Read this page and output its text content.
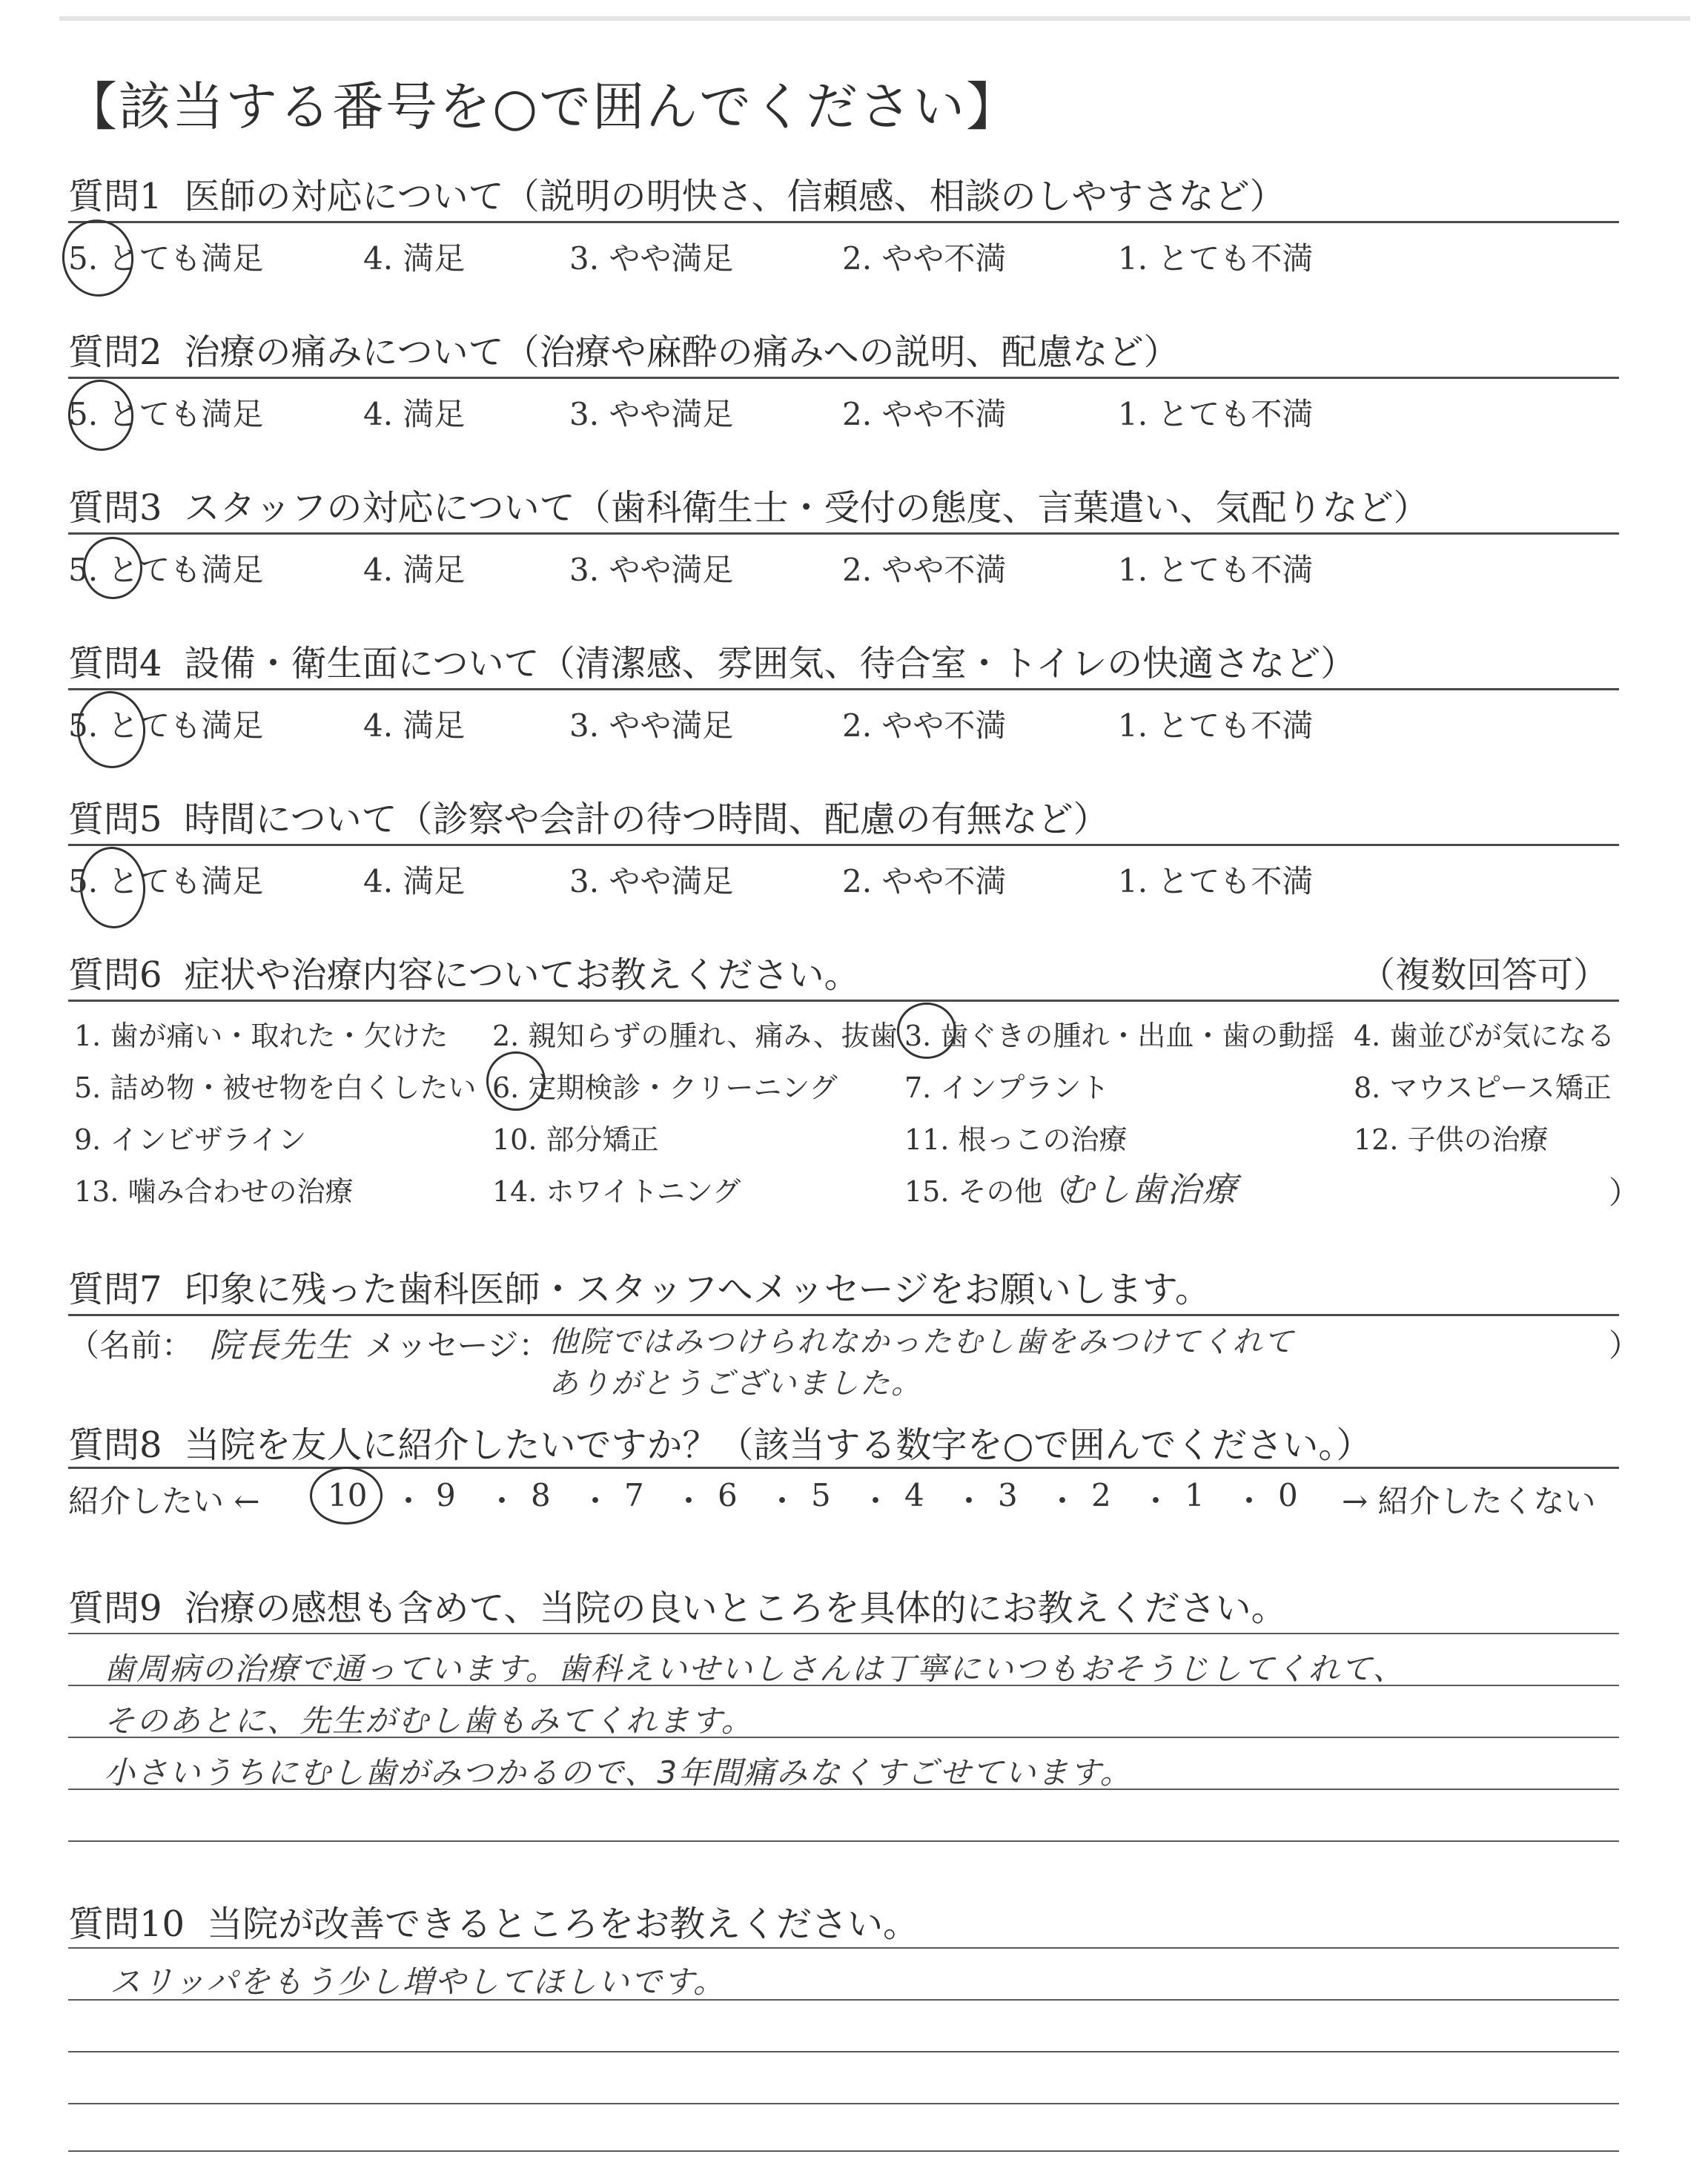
【該当する番号を○で囲んでください】
質問1 医師の対応について（説明の明快さ、信頼感、相談のしやすさなど）
5. とても満足	4. 満足	3. やや満足	2. やや不満	1. とても不満
質問2 治療の痛みについて（治療や麻酔の痛みへの説明、配慮など）
5. とても満足	4. 満足	3. やや満足	2. やや不満	1. とても不満
質問3 スタッフの対応について（歯科衛生士・受付の態度、言葉遣い、気配りなど）
5. とても満足	4. 満足	3. やや満足	2. やや不満	1. とても不満
質問4 設備・衛生面について（清潔感、雰囲気、待合室・トイレの快適さなど）
5. とても満足	4. 満足	3. やや満足	2. やや不満	1. とても不満
質問5 時間について（診察や会計の待つ時間、配慮の有無など）
5. とても満足	4. 満足	3. やや満足	2. やや不満	1. とても不満
質問6 症状や治療内容についてお教えください。	（複数回答可）
1. 歯が痛い・取れた・欠けた 2. 親知らずの腫れ、痛み、抜歯 3. 歯ぐきの腫れ・出血・歯の動揺 4. 歯並びが気になる
5. 詰め物・被せ物を白くしたい 6. 定期検診・クリーニング 7. インプラント	8. マウスピース矯正
9. インビザライン	10. 部分矯正	11. 根っこの治療	12. 子供の治療
13. 噛み合わせの治療	14. ホワイトニング	15. その他（
むし歯治療	）
質問7 印象に残った歯科医師・スタッフへメッセージをお願いします。
（名前： 院長先生 メッセージ：
他院ではみつけられなかったむし歯をみつけてくれて
ありがとうございました。
）
質問8 当院を友人に紹介したいですか？（該当する数字を○で囲んでください。）
紹介したい ← 10 9 8 7 6 5 4 3 2 1 0
・ ・ ・ ・ ・ ・ ・ ・ ・ ・ → 紹介したくない
質問9 治療の感想も含めて、当院の良いところを具体的にお教えください。
歯周病の治療で通っています。歯科えいせいしさんは丁寧にいつもおそうじしてくれて、
そのあとに、先生がむし歯もみてくれます。
小さいうちにむし歯がみつかるので、3年間痛みなくすごせています。
質問10 当院が改善できるところをお教えください。
スリッパをもう少し増やしてほしいです。
